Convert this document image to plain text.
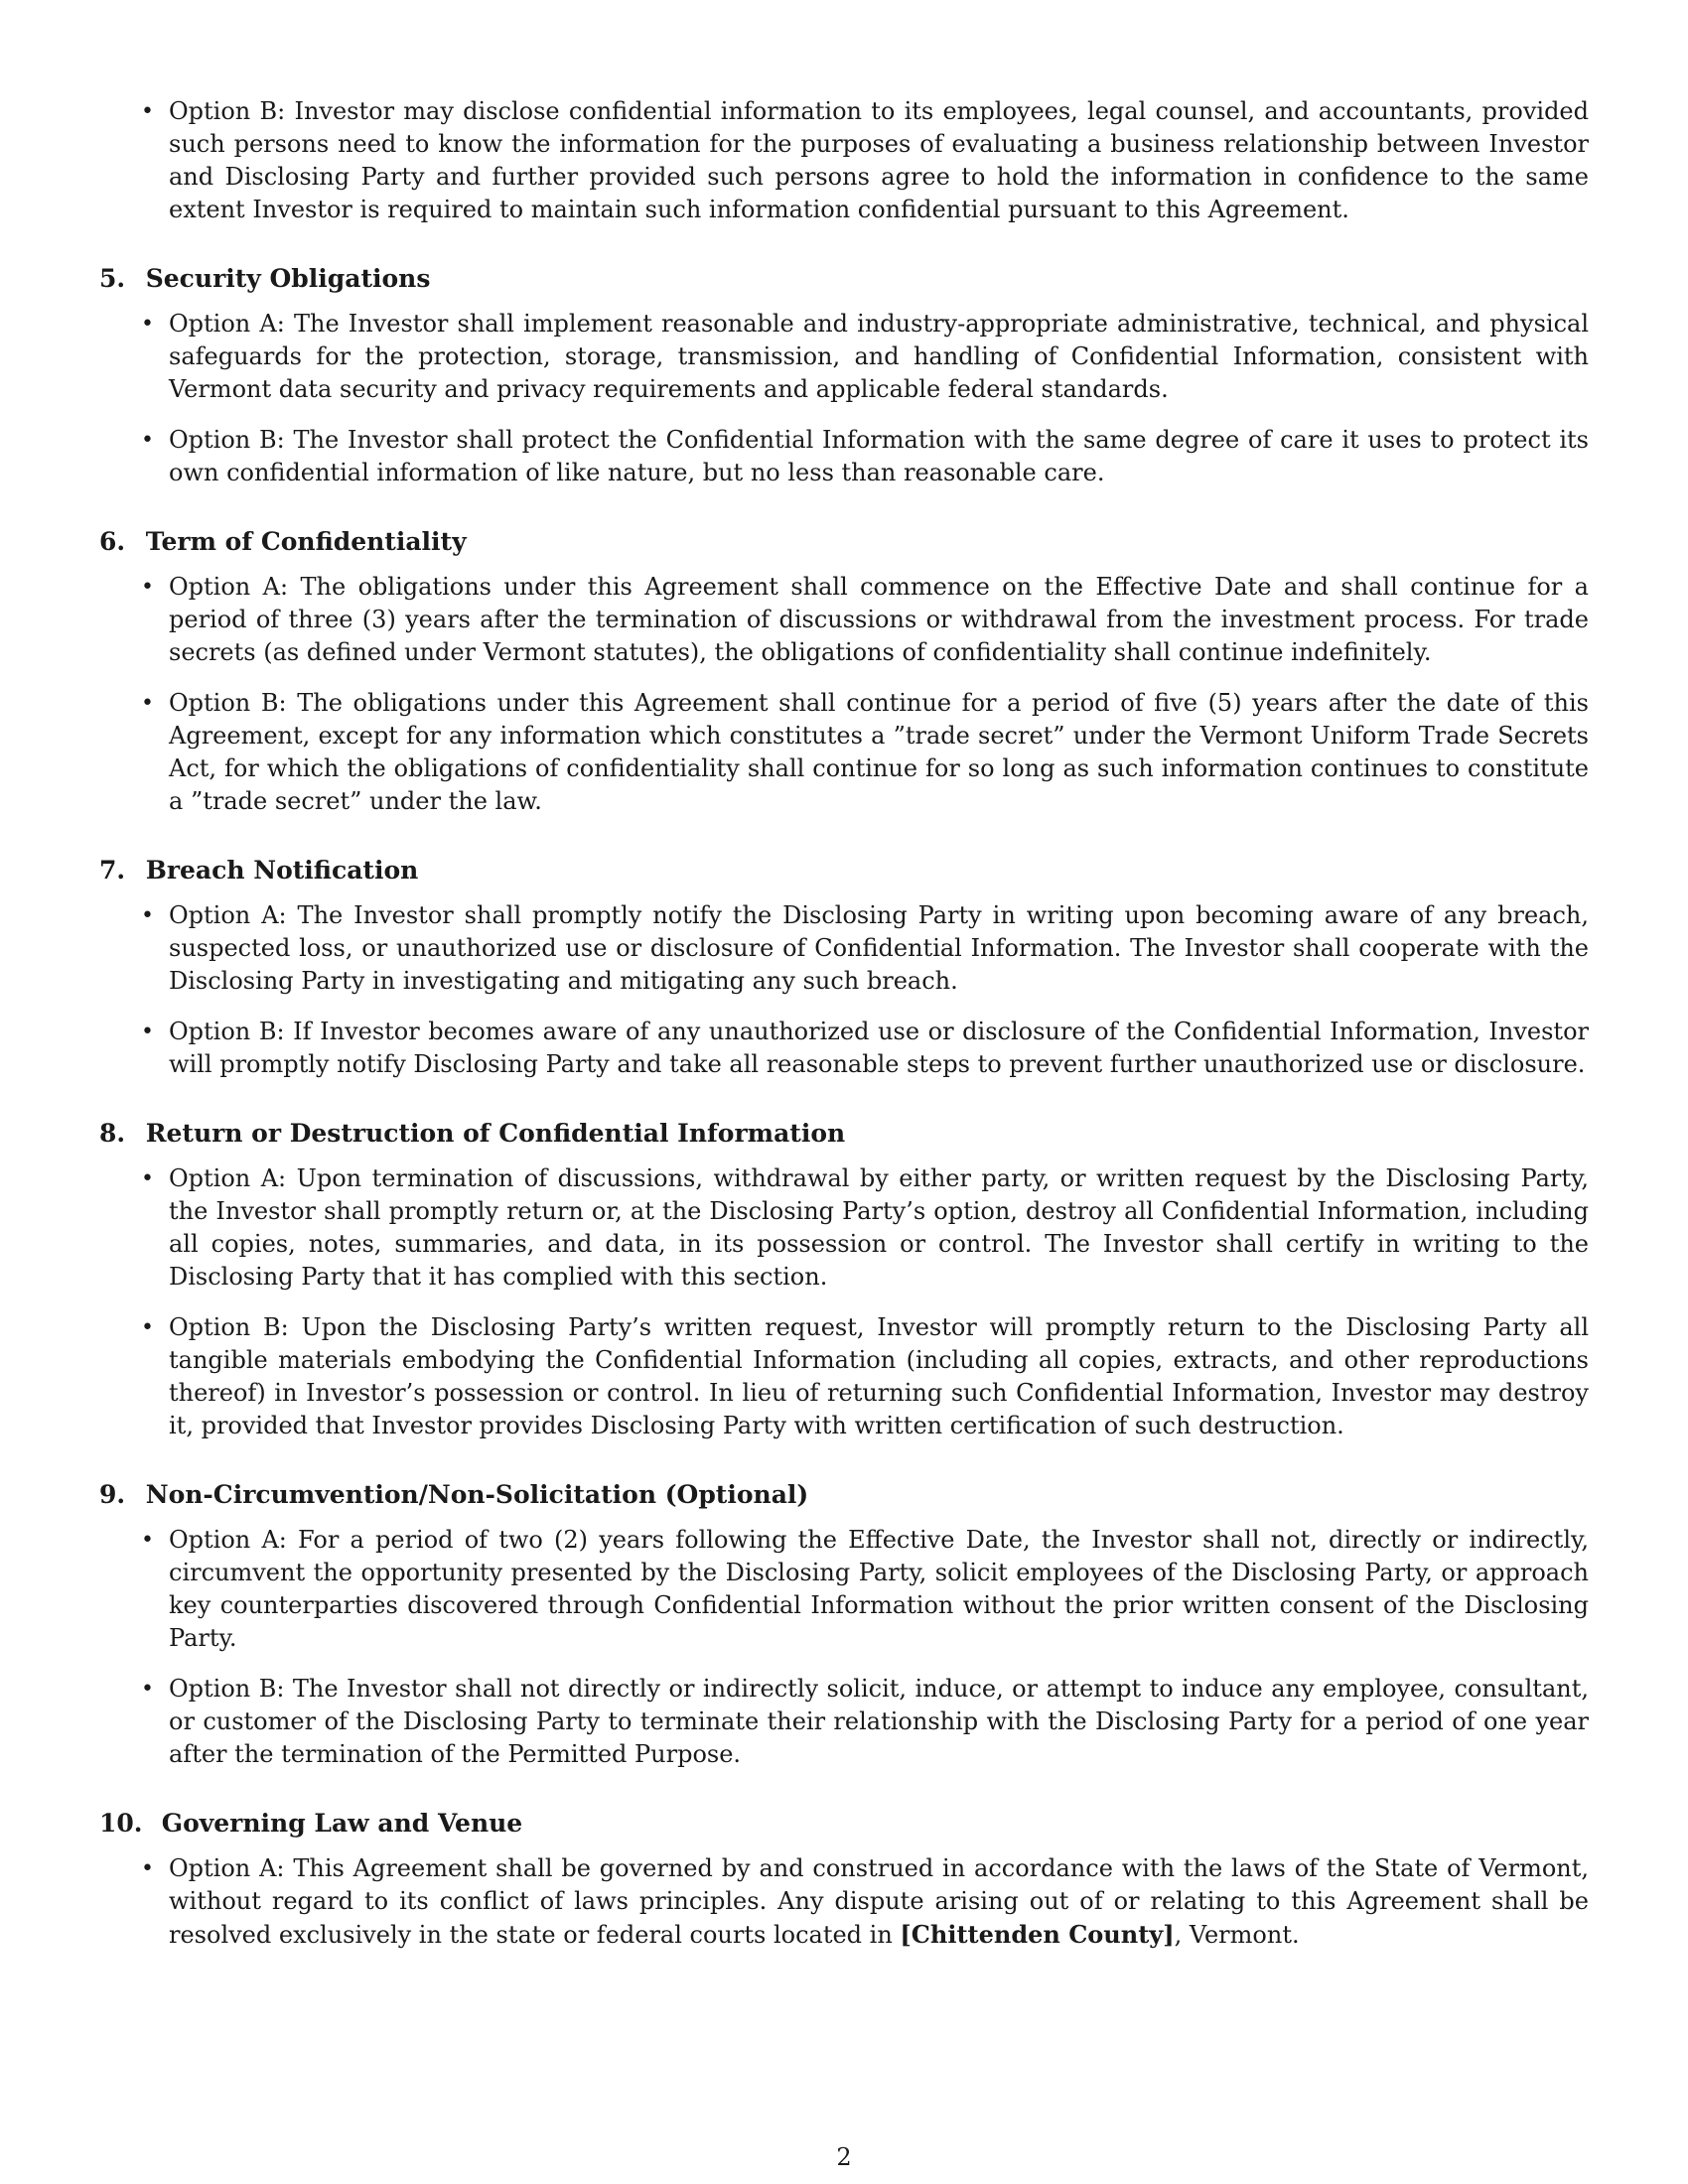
• Option B: Investor may disclose confidential information to its employees, legal counsel, and accountants, provided such persons need to know the information for the purposes of evaluating a business relationship between Investor and Disclosing Party and further provided such persons agree to hold the information in confidence to the same extent Investor is required to maintain such information confidential pursuant to this Agreement.
5. Security Obligations
• Option A: The Investor shall implement reasonable and industry-appropriate administrative, technical, and physical safeguards for the protection, storage, transmission, and handling of Confidential Information, consistent with Vermont data security and privacy requirements and applicable federal standards.
• Option B: The Investor shall protect the Confidential Information with the same degree of care it uses to protect its own confidential information of like nature, but no less than reasonable care.
6. Term of Confidentiality
• Option A: The obligations under this Agreement shall commence on the Effective Date and shall continue for a period of three (3) years after the termination of discussions or withdrawal from the investment process. For trade secrets (as defined under Vermont statutes), the obligations of confidentiality shall continue indefinitely.
• Option B: The obligations under this Agreement shall continue for a period of five (5) years after the date of this Agreement, except for any information which constitutes a ”trade secret” under the Vermont Uniform Trade Secrets Act, for which the obligations of confidentiality shall continue for so long as such information continues to constitute a ”trade secret” under the law.
7. Breach Notification
• Option A: The Investor shall promptly notify the Disclosing Party in writing upon becoming aware of any breach, suspected loss, or unauthorized use or disclosure of Confidential Information. The Investor shall cooperate with the Disclosing Party in investigating and mitigating any such breach.
• Option B: If Investor becomes aware of any unauthorized use or disclosure of the Confidential Information, Investor will promptly notify Disclosing Party and take all reasonable steps to prevent further unauthorized use or disclosure.
8. Return or Destruction of Confidential Information
• Option A: Upon termination of discussions, withdrawal by either party, or written request by the Disclosing Party, the Investor shall promptly return or, at the Disclosing Party’s option, destroy all Confidential Information, including all copies, notes, summaries, and data, in its possession or control. The Investor shall certify in writing to the Disclosing Party that it has complied with this section.
• Option B: Upon the Disclosing Party’s written request, Investor will promptly return to the Disclosing Party all tangible materials embodying the Confidential Information (including all copies, extracts, and other reproductions thereof) in Investor’s possession or control. In lieu of returning such Confidential Information, Investor may destroy it, provided that Investor provides Disclosing Party with written certification of such destruction.
9. Non-Circumvention/Non-Solicitation (Optional)
• Option A: For a period of two (2) years following the Effective Date, the Investor shall not, directly or indirectly, circumvent the opportunity presented by the Disclosing Party, solicit employees of the Disclosing Party, or approach key counterparties discovered through Confidential Information without the prior written consent of the Disclosing Party.
• Option B: The Investor shall not directly or indirectly solicit, induce, or attempt to induce any employee, consultant, or customer of the Disclosing Party to terminate their relationship with the Disclosing Party for a period of one year after the termination of the Permitted Purpose.
10. Governing Law and Venue
• Option A: This Agreement shall be governed by and construed in accordance with the laws of the State of Vermont, without regard to its conflict of laws principles. Any dispute arising out of or relating to this Agreement shall be resolved exclusively in the state or federal courts located in [Chittenden County], Vermont.
2
